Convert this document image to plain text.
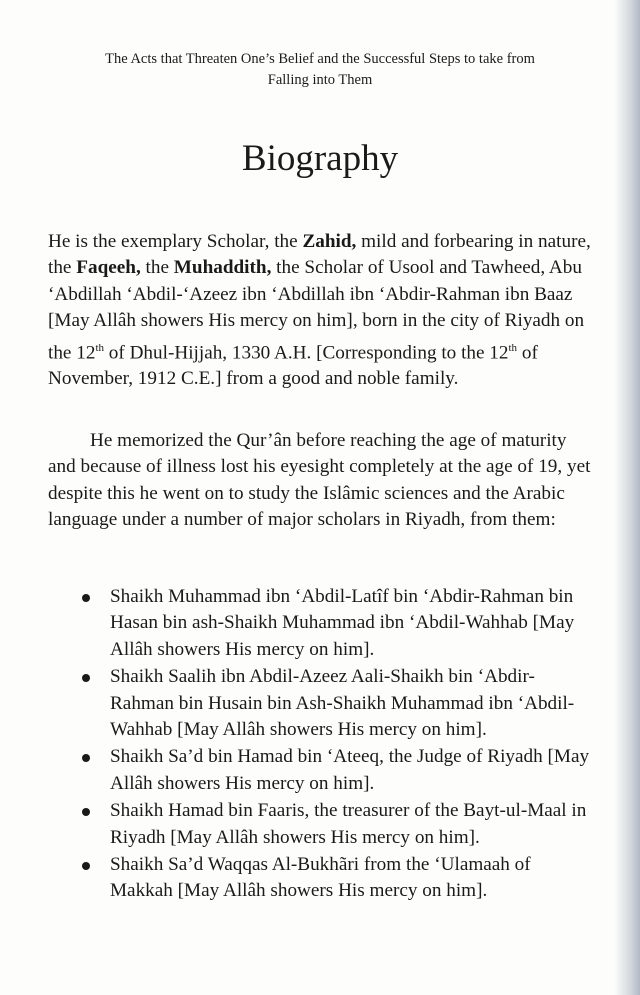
The Acts that Threaten One’s Belief and the Successful Steps to take from
Falling into Them
Biography

He is the exemplary Scholar, the Zahid, mild and forbearing in nature, the Faqeeh, the Muhaddith, the Scholar of Usool and Tawheed, Abu ‘Abdillah ‘Abdil-‘Azeez ibn ‘Abdillah ibn ‘Abdir-Rahman ibn Baaz [May Allâh showers His mercy on him], born in the city of Riyadh on the 12th of Dhul-Hijjah, 1330 A.H. [Corresponding to the 12th of November, 1912 C.E.] from a good and noble family.

He memorized the Qur’ân before reaching the age of maturity and because of illness lost his eyesight completely at the age of 19, yet despite this he went on to study the Islâmic sciences and the Arabic language under a number of major scholars in Riyadh, from them:

Shaikh Muhammad ibn ‘Abdil-Latîf bin ‘Abdir-Rahman bin Hasan bin ash-Shaikh Muhammad ibn ‘Abdil-Wahhab [May Allâh showers His mercy on him].
Shaikh Saalih ibn Abdil-Azeez Aali-Shaikh bin ‘Abdir-Rahman bin Husain bin Ash-Shaikh Muhammad ibn ‘Abdil-Wahhab [May Allâh showers His mercy on him].
Shaikh Sa’d bin Hamad bin ‘Ateeq, the Judge of Riyadh [May Allâh showers His mercy on him].
Shaikh Hamad bin Faaris, the treasurer of the Bayt-ul-Maal in Riyadh [May Allâh showers His mercy on him].
Shaikh Sa’d Waqqas Al-Bukhãri from the ‘Ulamaah of Makkah [May Allâh showers His mercy on him].
